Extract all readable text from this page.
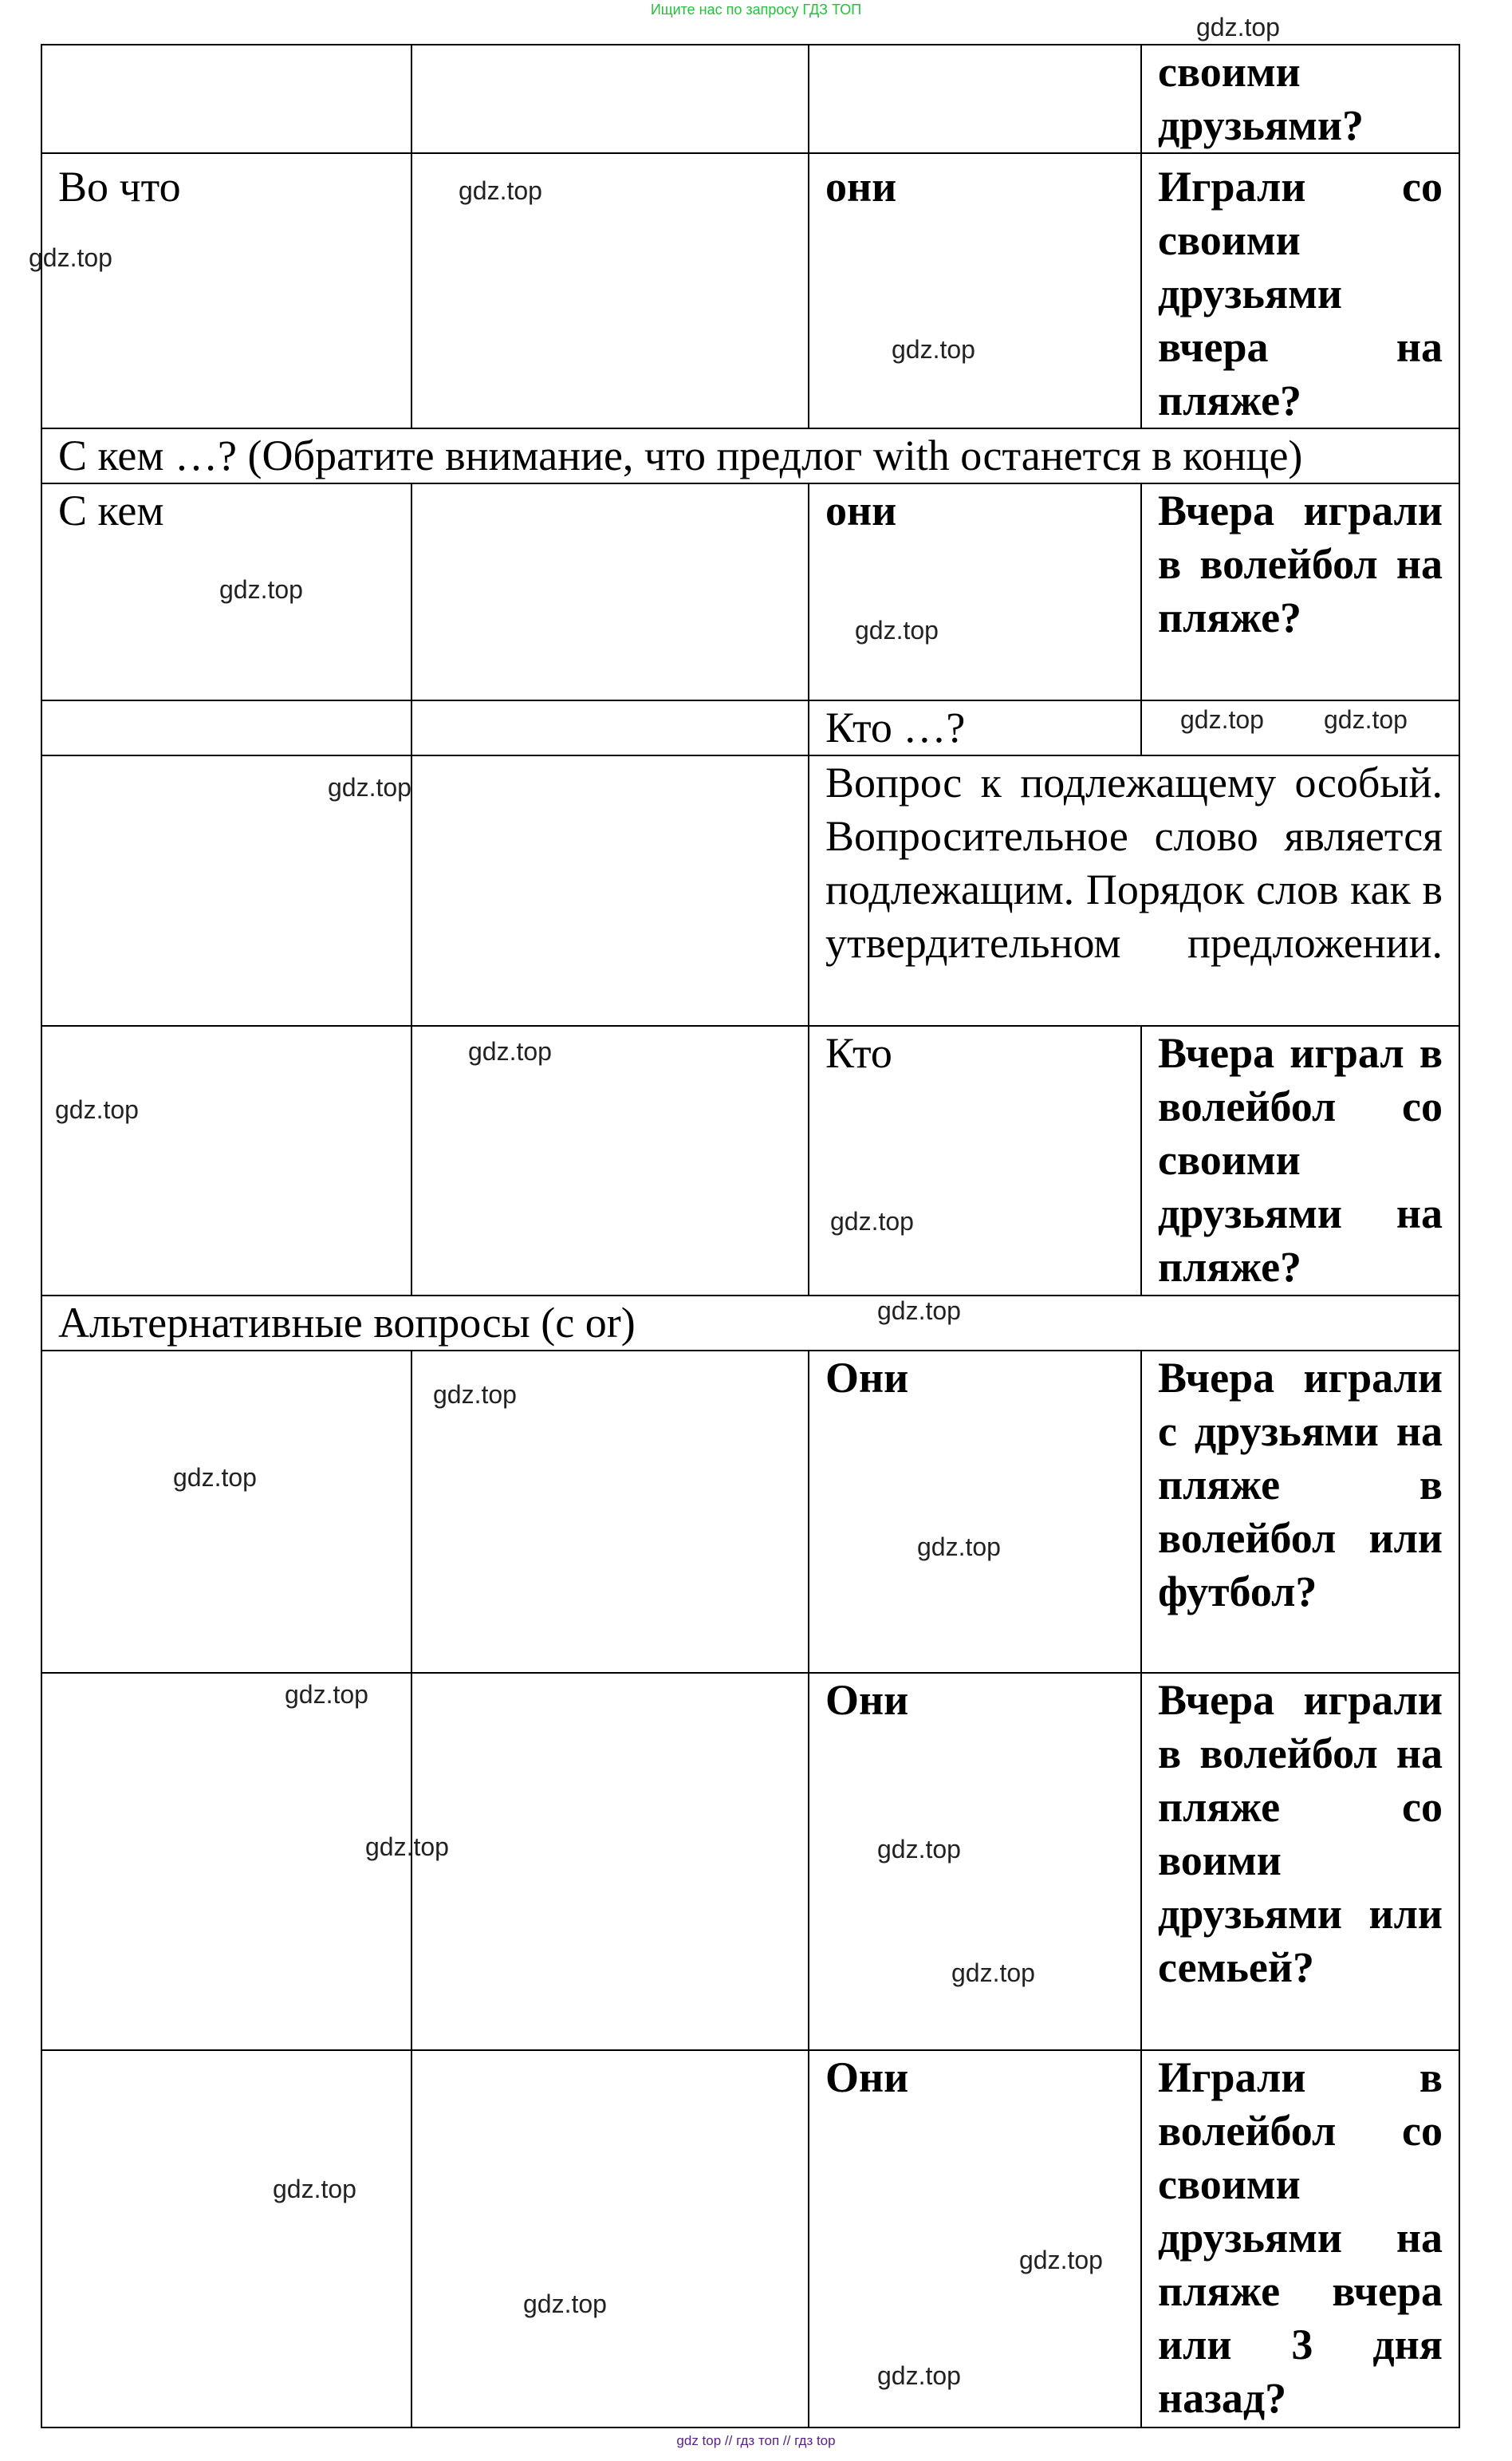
Ищите нас по запросу ГДЗ ТОП
			своими друзьями?
Во что		они	Играли со своими друзьями вчера на пляже?
С кем …? (Обратите внимание, что предлог with останется в конце)			
С кем		они	Вчера играли в волейбол на пляже?
		Кто …?	
		Вопрос к подлежащему особый. Вопросительное слово является подлежащим. Порядок слов как в утвердительном предложении.	
		Кто	Вчера играл в волейбол со своими друзьями на пляже?
Альтернативные вопросы (с or)			
		Они	Вчера играли с друзьями на пляже в волейбол или футбол?
		Они	Вчера играли в волейбол на пляже со воими друзьями или семьей?
		Они	Играли в волейбол со своими друзьями на пляже вчера или 3 дня назад?
gdz.top
gdz.top
gdz.top
gdz.top
gdz.top
gdz.top
gdz.top
gdz.top
gdz.top
gdz.top
gdz.top
gdz.top
gdz.top
gdz.top
gdz.top
gdz.top
gdz.top
gdz.top	gdz.top
gdz.top
gdz.top
gdz.top
gdz.top
gdz.top
gdz top // гдз топ // гдз top
